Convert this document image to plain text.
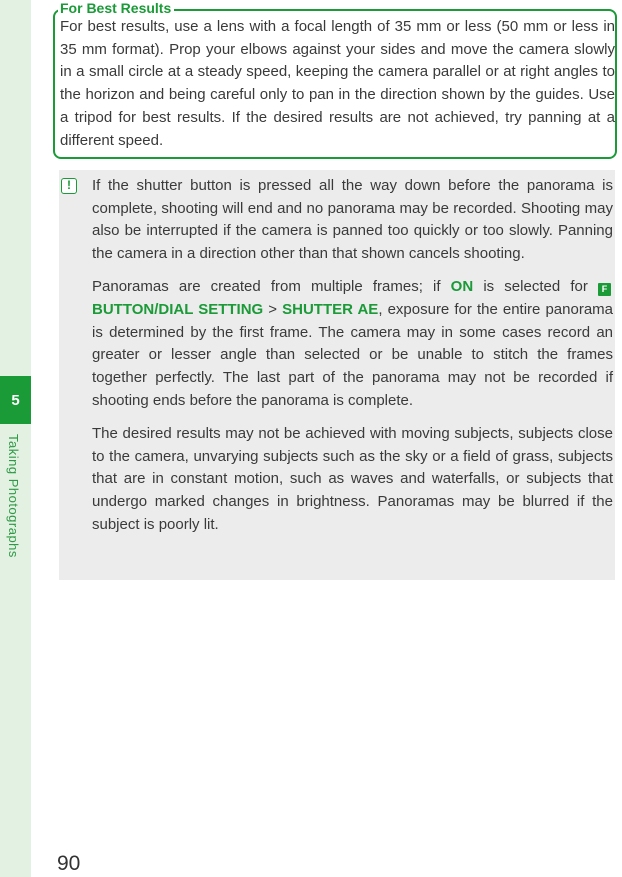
5
Taking Photographs
For Best Results

For best results, use a lens with a focal length of 35 mm or less (50 mm or less in 35 mm format). Prop your elbows against your sides and move the camera slowly in a small circle at a steady speed, keeping the camera parallel or at right angles to the horizon and being careful only to pan in the direction shown by the guides. Use a tripod for best results. If the desired results are not achieved, try panning at a different speed.

!	If the shutter button is pressed all the way down before the panorama is complete, shooting will end and no panorama may be recorded. Shooting may also be interrupted if the camera is panned too quickly or too slowly. Panning the camera in a direction other than that shown cancels shooting.

Panoramas are created from multiple frames; if ON is selected for FBUTTON/DIAL SETTING > SHUTTER AE, exposure for the entire panorama is determined by the first frame. The camera may in some cases record an greater or lesser angle than selected or be unable to stitch the frames together perfectly. The last part of the panorama may not be recorded if shooting ends before the panorama is complete.

The desired results may not be achieved with moving subjects, subjects close to the camera, unvarying subjects such as the sky or a field of grass, subjects that are in constant motion, such as waves and waterfalls, or subjects that undergo marked changes in brightness. Panoramas may be blurred if the subject is poorly lit.

90
